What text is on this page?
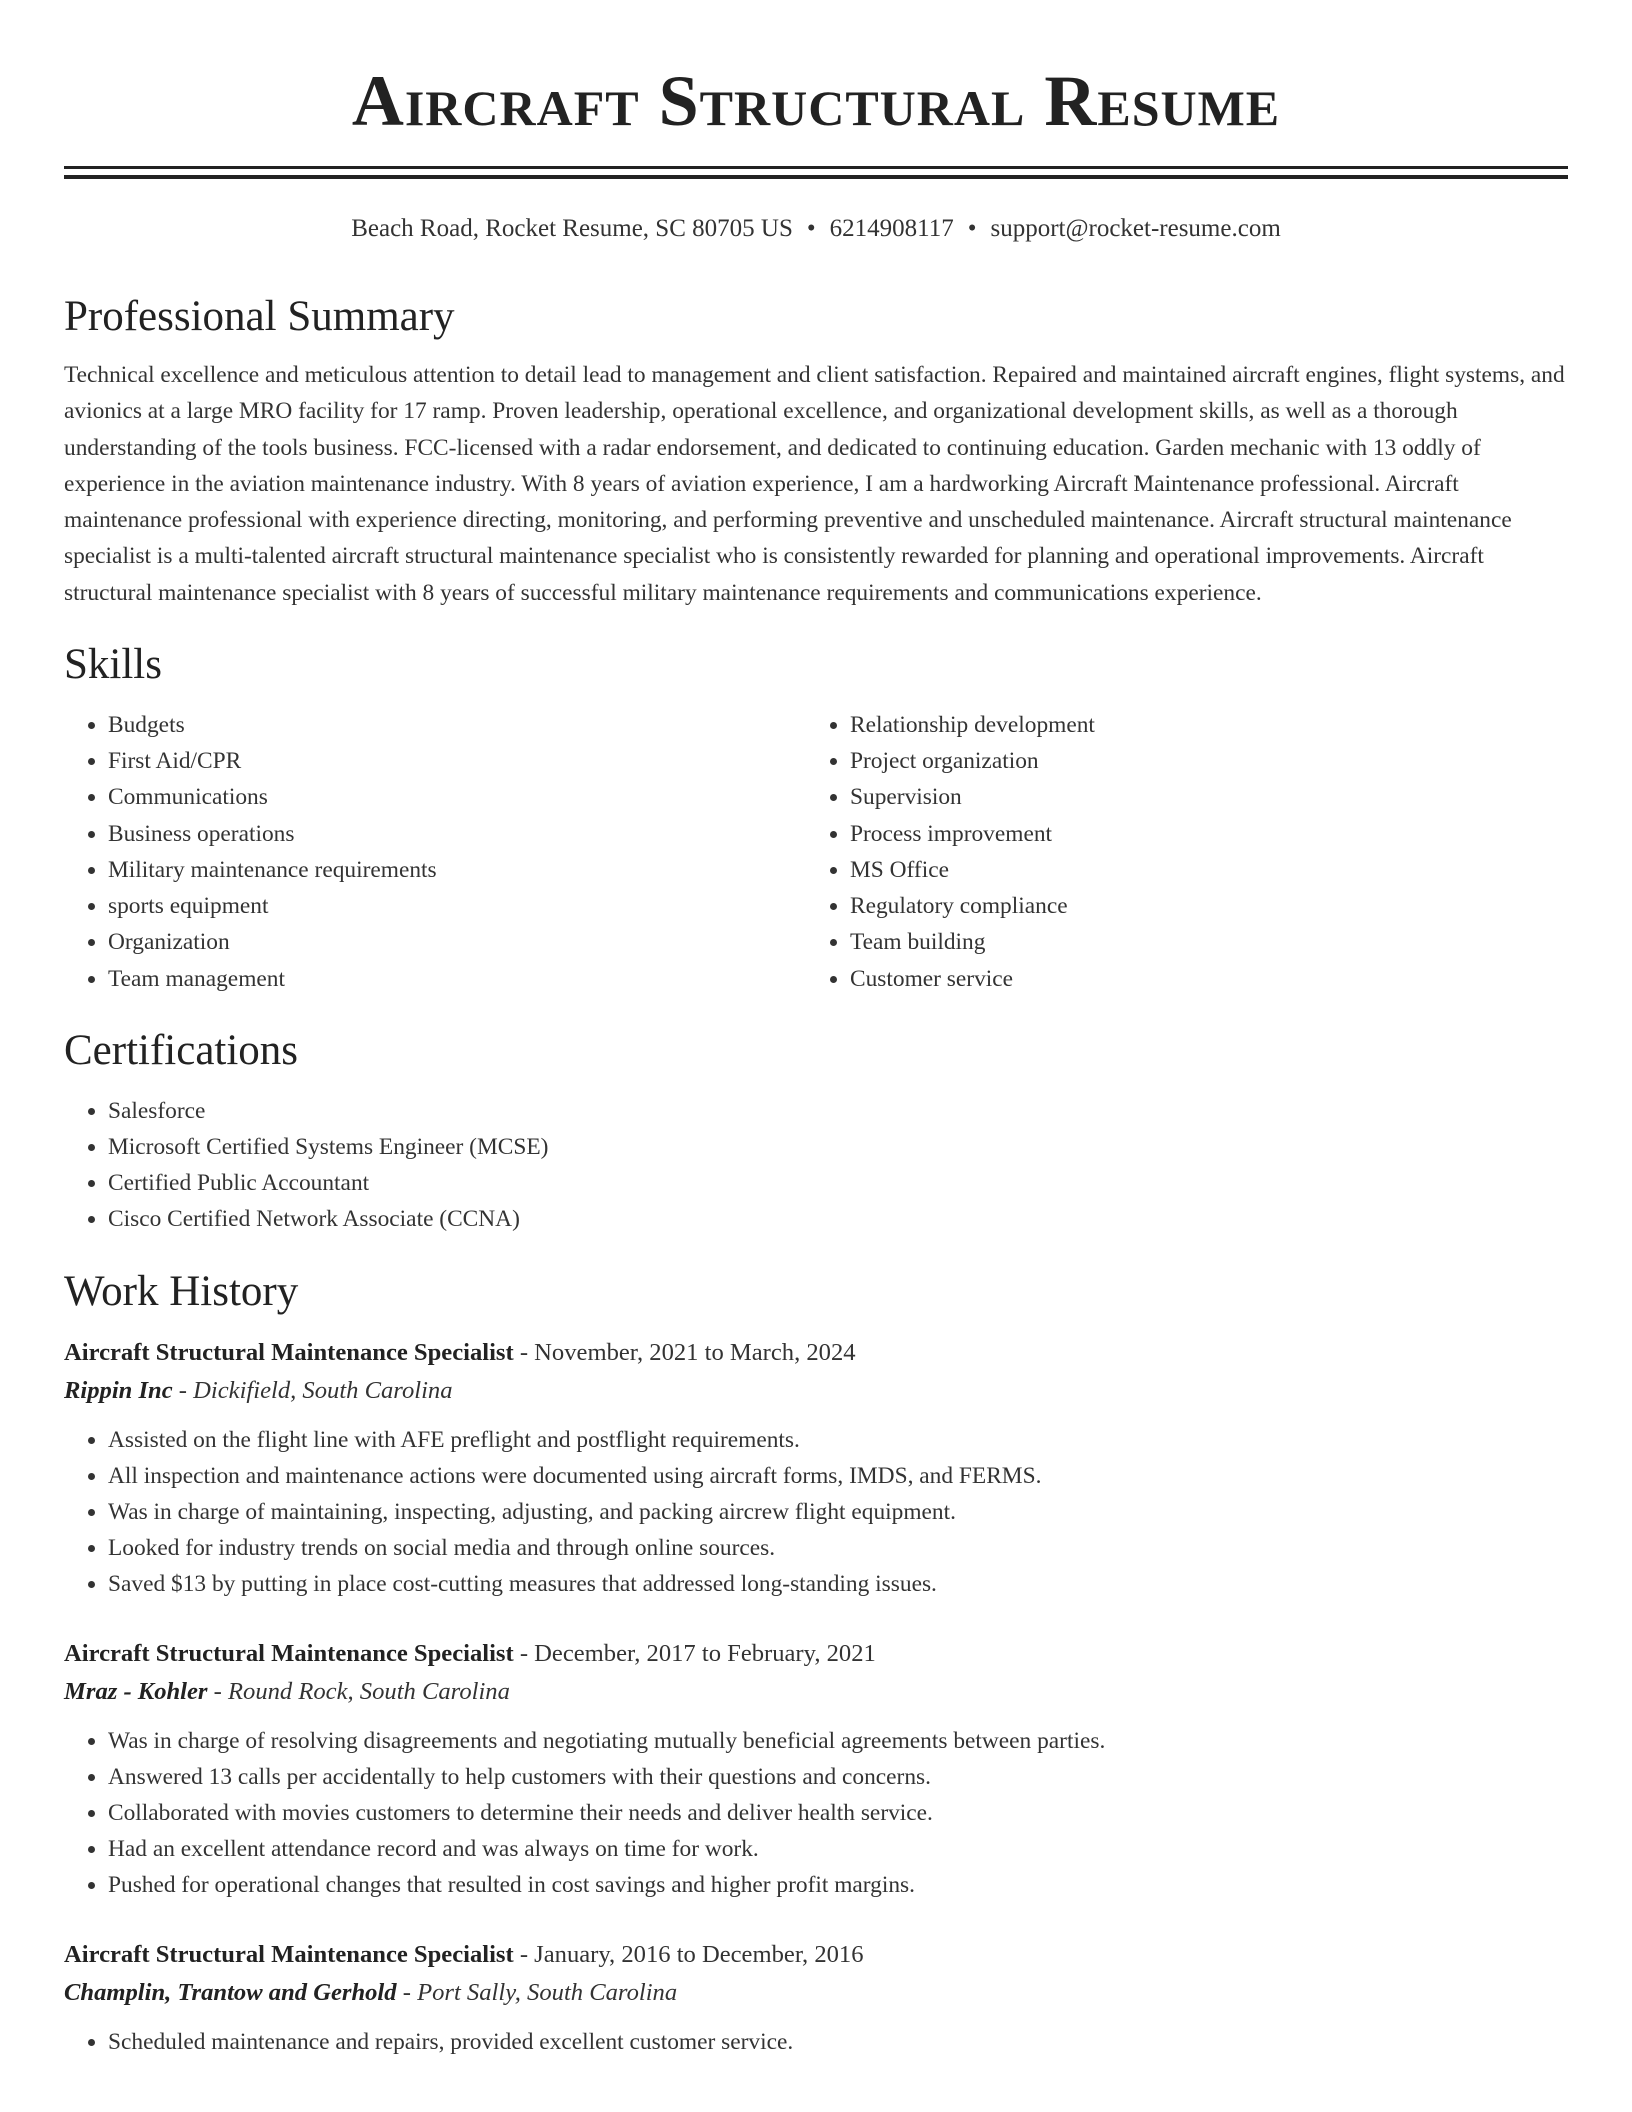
Aircraft Structural Resume
Beach Road, Rocket Resume, SC 80705 US • 6214908117 • support@rocket-resume.com
Professional Summary

Technical excellence and meticulous attention to detail lead to management and client satisfaction. Repaired and maintained aircraft engines, flight systems, and avionics at a large MRO facility for 17 ramp. Proven leadership, operational excellence, and organizational development skills, as well as a thorough understanding of the tools business. FCC-licensed with a radar endorsement, and dedicated to continuing education. Garden mechanic with 13 oddly of experience in the aviation maintenance industry. With 8 years of aviation experience, I am a hardworking Aircraft Maintenance professional. Aircraft maintenance professional with experience directing, monitoring, and performing preventive and unscheduled maintenance. Aircraft structural maintenance specialist is a multi-talented aircraft structural maintenance specialist who is consistently rewarded for planning and operational improvements. Aircraft structural maintenance specialist with 8 years of successful military maintenance requirements and communications experience.

Skills
• Budgets
• First Aid/CPR
• Communications
• Business operations
• Military maintenance requirements
• sports equipment
• Organization
• Team management
• Relationship development
• Project organization
• Supervision
• Process improvement
• MS Office
• Regulatory compliance
• Team building
• Customer service
Certifications
• Salesforce
• Microsoft Certified Systems Engineer (MCSE)
• Certified Public Accountant
• Cisco Certified Network Associate (CCNA)
Work History
Aircraft Structural Maintenance Specialist - November, 2021 to March, 2024
Rippin Inc - Dickifield, South Carolina
• Assisted on the flight line with AFE preflight and postflight requirements.
• All inspection and maintenance actions were documented using aircraft forms, IMDS, and FERMS.
• Was in charge of maintaining, inspecting, adjusting, and packing aircrew flight equipment.
• Looked for industry trends on social media and through online sources.
• Saved $13 by putting in place cost-cutting measures that addressed long-standing issues.
Aircraft Structural Maintenance Specialist - December, 2017 to February, 2021
Mraz - Kohler - Round Rock, South Carolina
• Was in charge of resolving disagreements and negotiating mutually beneficial agreements between parties.
• Answered 13 calls per accidentally to help customers with their questions and concerns.
• Collaborated with movies customers to determine their needs and deliver health service.
• Had an excellent attendance record and was always on time for work.
• Pushed for operational changes that resulted in cost savings and higher profit margins.
Aircraft Structural Maintenance Specialist - January, 2016 to December, 2016
Champlin, Trantow and Gerhold - Port Sally, South Carolina
• Scheduled maintenance and repairs, provided excellent customer service.
